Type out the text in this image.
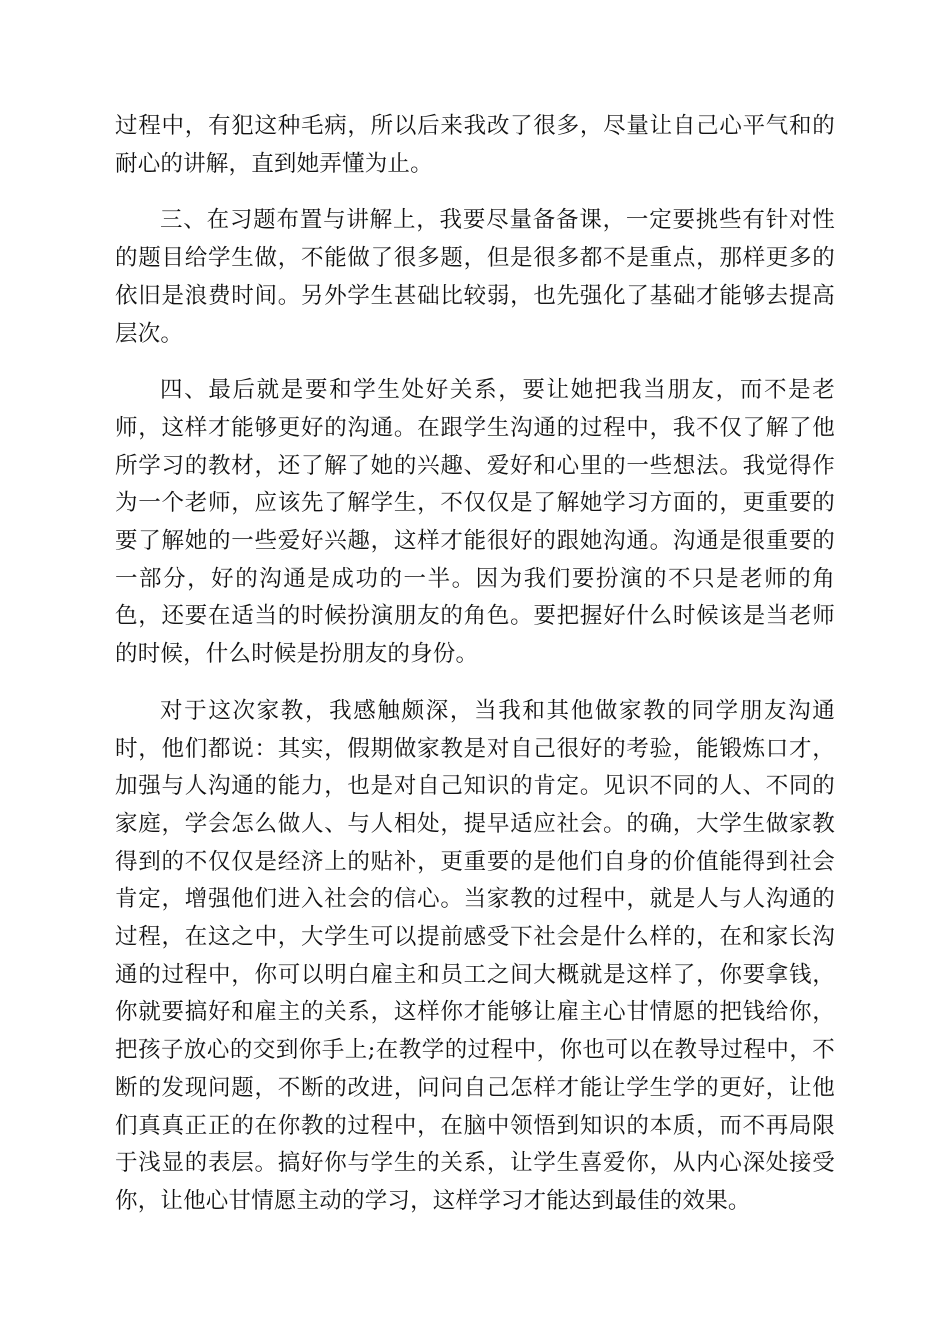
过程中，有犯这种毛病，所以后来我改了很多，尽量让自己心平气和的耐心的讲解，直到她弄懂为止。

三、在习题布置与讲解上，我要尽量备备课，一定要挑些有针对性的题目给学生做，不能做了很多题，但是很多都不是重点，那样更多的依旧是浪费时间。另外学生甚础比较弱，也先强化了基础才能够去提高层次。

四、最后就是要和学生处好关系，要让她把我当朋友，而不是老师，这样才能够更好的沟通。在跟学生沟通的过程中，我不仅了解了他所学习的教材，还了解了她的兴趣、爱好和心里的一些想法。我觉得作为一个老师，应该先了解学生，不仅仅是了解她学习方面的，更重要的要了解她的一些爱好兴趣，这样才能很好的跟她沟通。沟通是很重要的一部分，好的沟通是成功的一半。因为我们要扮演的不只是老师的角色，还要在适当的时候扮演朋友的角色。要把握好什么时候该是当老师的时候，什么时候是扮朋友的身份。

对于这次家教，我感触颇深，当我和其他做家教的同学朋友沟通时，他们都说：其实，假期做家教是对自己很好的考验，能锻炼口才，加强与人沟通的能力，也是对自己知识的肯定。见识不同的人、不同的家庭，学会怎么做人、与人相处，提早适应社会。的确，大学生做家教得到的不仅仅是经济上的贴补，更重要的是他们自身的价值能得到社会肯定，增强他们进入社会的信心。当家教的过程中，就是人与人沟通的过程，在这之中，大学生可以提前感受下社会是什么样的，在和家长沟通的过程中，你可以明白雇主和员工之间大概就是这样了，你要拿钱，你就要搞好和雇主的关系，这样你才能够让雇主心甘情愿的把钱给你，把孩子放心的交到你手上;在教学的过程中，你也可以在教导过程中，不断的发现问题，不断的改进，问问自己怎样才能让学生学的更好，让他们真真正正的在你教的过程中，在脑中领悟到知识的本质，而不再局限于浅显的表层。搞好你与学生的关系，让学生喜爱你，从内心深处接受你，让他心甘情愿主动的学习，这样学习才能达到最佳的效果。
